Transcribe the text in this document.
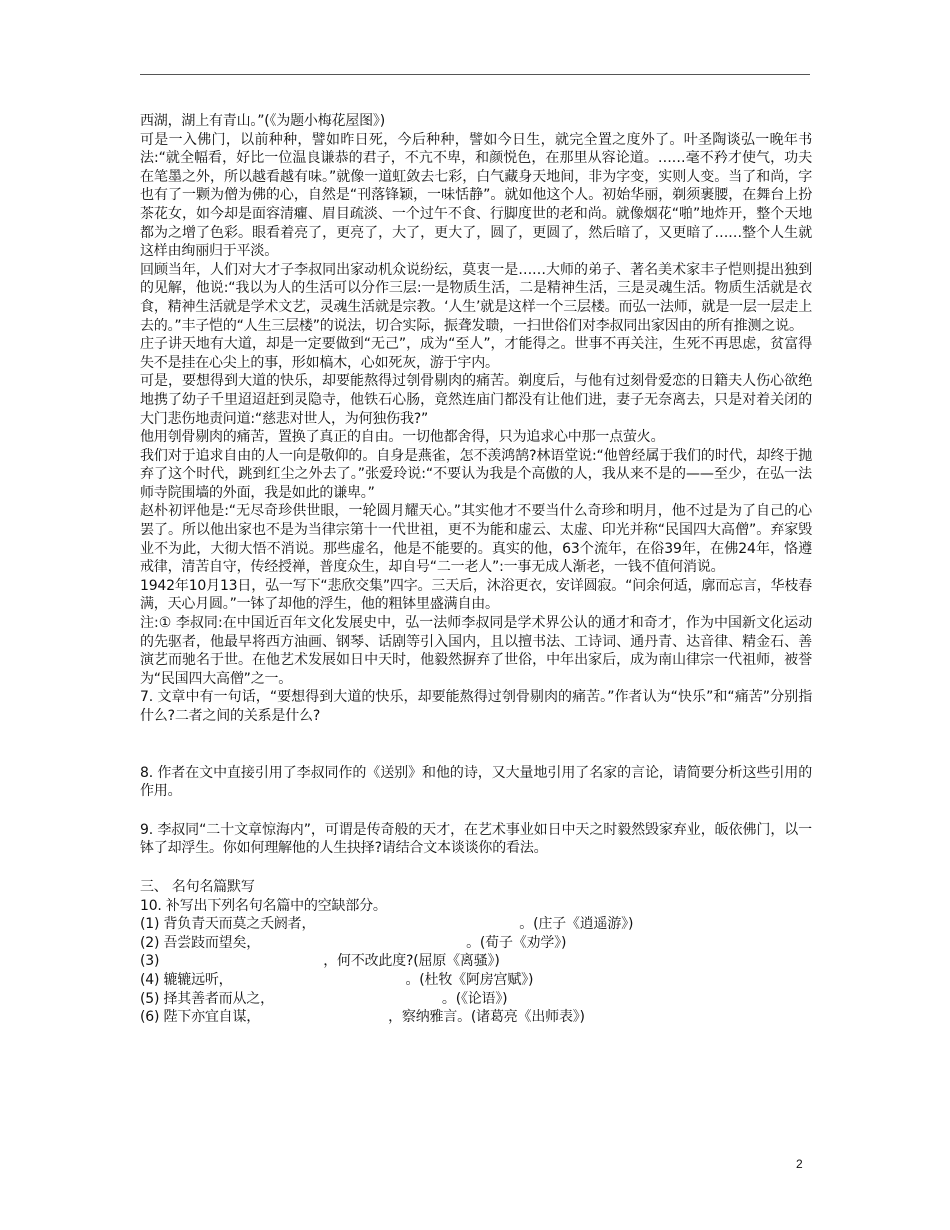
西湖，湖上有青山。”(《为题小梅花屋图》)

可是一入佛门，以前种种，譬如昨日死，今后种种，譬如今日生，就完全置之度外了。叶圣陶谈弘一晚年书法:“就全幅看，好比一位温良谦恭的君子，不亢不卑，和颜悦色，在那里从容论道。……毫不矜才使气，功夫在笔墨之外，所以越看越有味。”就像一道虹敛去七彩，白气藏身天地间，非为字变，实则人变。当了和尚，字也有了一颗为僧为佛的心，自然是“刊落锋颖，一味恬静”。就如他这个人。初始华丽，剃须裹腰，在舞台上扮茶花女，如今却是面容清癯、眉目疏淡、一个过午不食、行脚度世的老和尚。就像烟花“啪”地炸开，整个天地都为之增了色彩。眼看着亮了，更亮了，大了，更大了，圆了，更圆了，然后暗了，又更暗了……整个人生就这样由绚丽归于平淡。

回顾当年，人们对大才子李叔同出家动机众说纷纭，莫衷一是……大师的弟子、著名美术家丰子恺则提出独到的见解，他说:“我以为人的生活可以分作三层:一是物质生活，二是精神生活，三是灵魂生活。物质生活就是衣食，精神生活就是学术文艺，灵魂生活就是宗教。‘人生’就是这样一个三层楼。而弘一法师，就是一层一层走上去的。”丰子恺的“人生三层楼”的说法，切合实际，振聋发聩，一扫世俗们对李叔同出家因由的所有推测之说。

庄子讲天地有大道，却是一定要做到“无己”，成为“至人”，才能得之。世事不再关注，生死不再思虑，贫富得失不是挂在心尖上的事，形如槁木，心如死灰，游于宇内。

可是，要想得到大道的快乐，却要能熬得过刳骨剔肉的痛苦。剃度后，与他有过刻骨爱恋的日籍夫人伤心欲绝地携了幼子千里迢迢赶到灵隐寺，他铁石心肠，竟然连庙门都没有让他们进，妻子无奈离去，只是对着关闭的大门悲伤地责问道:“慈悲对世人，为何独伤我?”

他用刳骨剔肉的痛苦，置换了真正的自由。一切他都舍得，只为追求心中那一点萤火。

我们对于追求自由的人一向是敬仰的。自身是燕雀，怎不羡鸿鹄?林语堂说:“他曾经属于我们的时代，却终于抛弃了这个时代，跳到红尘之外去了。”张爱玲说:“不要认为我是个高傲的人，我从来不是的——至少，在弘一法师寺院围墙的外面，我是如此的谦卑。”

赵朴初评他是:“无尽奇珍供世眼，一轮圆月耀天心。”其实他才不要当什么奇珍和明月，他不过是为了自己的心罢了。所以他出家也不是为当律宗第十一代世祖，更不为能和虚云、太虚、印光并称“民国四大高僧”。弃家毁业不为此，大彻大悟不消说。那些虚名，他是不能要的。真实的他，63个流年，在俗39年，在佛24年，恪遵戒律，清苦自守，传经授禅，普度众生，却自号“二一老人”:一事无成人渐老，一钱不值何消说。

1942年10月13日，弘一写下“悲欣交集”四字。三天后，沐浴更衣，安详圆寂。“问余何适，廓而忘言，华枝春满，天心月圆。”一钵了却他的浮生，他的粗钵里盛满自由。

注:① 李叔同:在中国近百年文化发展史中，弘一法师李叔同是学术界公认的通才和奇才，作为中国新文化运动的先驱者，他最早将西方油画、钢琴、话剧等引入国内，且以擅书法、工诗词、通丹青、达音律、精金石、善演艺而驰名于世。在他艺术发展如日中天时，他毅然摒弃了世俗，中年出家后，成为南山律宗一代祖师，被誉为“民国四大高僧”之一。

7. 文章中有一句话，“要想得到大道的快乐，却要能熬得过刳骨剔肉的痛苦。”作者认为“快乐”和“痛苦”分别指什么?二者之间的关系是什么?

8. 作者在文中直接引用了李叔同作的《送别》和他的诗，又大量地引用了名家的言论，请简要分析这些引用的作用。

9. 李叔同“二十文章惊海内”，可谓是传奇般的天才，在艺术事业如日中天之时毅然毁家弃业，皈依佛门，以一钵了却浮生。你如何理解他的人生抉择?请结合文本谈谈你的看法。

三、 名句名篇默写

10. 补写出下列名句名篇中的空缺部分。

(1) 背负青天而莫之夭阏者，	。(庄子《逍遥游》)
(2) 吾尝跂而望矣，	。(荀子《劝学》)
(3)	，何不改此度?(屈原《离骚》)
(4) 辘辘远听，	。(杜牧《阿房宫赋》)
(5) 择其善者而从之，	。(《论语》)
(6) 陛下亦宜自谋，	，察纳雅言。(诸葛亮《出师表》)
2
